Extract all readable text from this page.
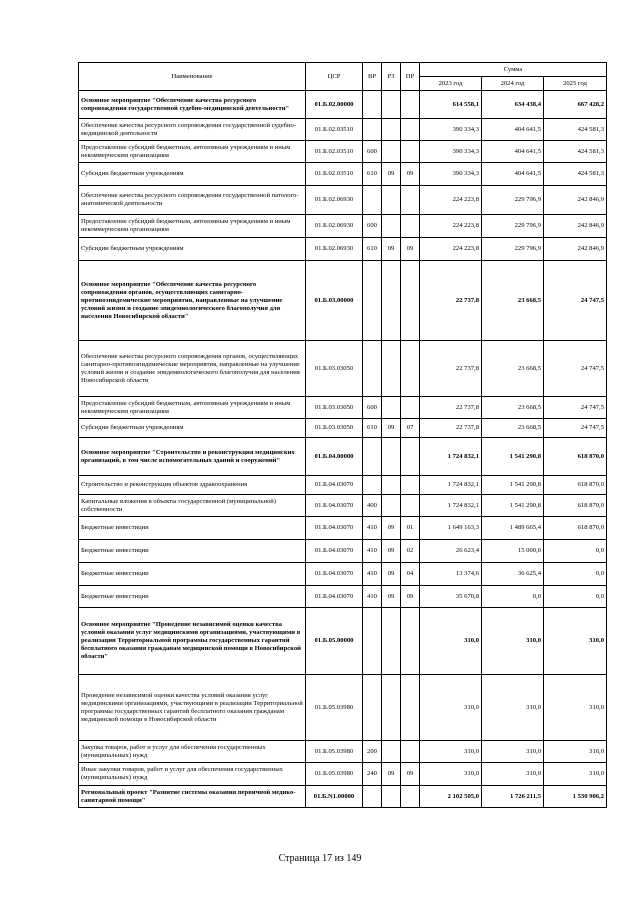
Наименование	ЦСР	ВР	РЗ	ПР	Сумма		
					2023 год	2024 год	2025 год
Основное мероприятие "Обеспечение качества ресурсного сопровождения государственной судебно-медицинской деятельности"	01.Б.02.00000				614 558,1	634 438,4	667 428,2
Обеспечение качества ресурсного сопровождения государственной судебно-медицинской деятельности	01.Б.02.03510				390 334,3	404 641,5	424 581,3
Предоставление субсидий бюджетным, автономным учреждениям и иным некоммерческим организациям	01.Б.02.03510	600			390 334,3	404 641,5	424 581,3
Субсидии бюджетным учреждениям	01.Б.02.03510	610	09	09	390 334,3	404 641,5	424 581,3
Обеспечение качества ресурсного сопровождения государственной патолого-анатомической деятельности	01.Б.02.06930				224 223,8	229 796,9	242 846,9
Предоставление субсидий бюджетным, автономным учреждениям и иным некоммерческим организациям	01.Б.02.06930	600			224 223,8	229 796,9	242 846,9
Субсидии бюджетным учреждениям	01.Б.02.06930	610	09	09	224 223,8	229 796,9	242 846,9
Основное мероприятие "Обеспечение качества ресурсного сопровождения органов, осуществляющих санитарно-противоэпидемические мероприятия, направленные на улучшение условий жизни и создание эпидемиологического благополучия для населения Новосибирской области"	01.Б.03.00000				22 737,8	23 668,5	24 747,5
Обеспечение качества ресурсного сопровождения органов, осуществляющих санитарно-противоэпидемические мероприятия, направленные на улучшение условий жизни и создание эпидемиологического благополучия для населения Новосибирской области	01.Б.03.03050				22 737,8	23 668,5	24 747,5
Предоставление субсидий бюджетным, автономным учреждениям и иным некоммерческим организациям	01.Б.03.03050	600			22 737,8	23 668,5	24 747,5
Субсидии бюджетным учреждениям	01.Б.03.03050	610	09	07	22 737,8	23 668,5	24 747,5
Основное мероприятие "Строительство и реконструкция медицинских организаций, в том числе вспомогательных зданий и сооружений"	01.Б.04.00000				1 724 832,1	1 541 290,8	618 870,0
Строительство и реконструкция объектов здравоохранения	01.Б.04.03070				1 724 832,1	1 541 290,8	618 870,0
Капитальные вложения в объекты государственной (муниципальной) собственности	01.Б.04.03070	400			1 724 832,1	1 541 290,8	618 870,0
Бюджетные инвестиции	01.Б.04.03070	410	09	01	1 649 163,3	1 489 665,4	618 870,0
Бюджетные инвестиции	01.Б.04.03070	410	09	02	26 623,4	15 000,0	0,0
Бюджетные инвестиции	01.Б.04.03070	410	09	04	13 374,6	36 625,4	0,0
Бюджетные инвестиции	01.Б.04.03070	410	09	09	35 670,8	0,0	0,0
Основное мероприятие "Проведение независимой оценки качества условий оказания услуг медицинскими организациями, участвующими в реализации Территориальной программы государственных гарантий бесплатного оказания гражданам медицинской помощи в Новосибирской области"	01.Б.05.00000				310,0	310,0	310,0
Проведение независимой оценки качества условий оказания услуг медицинскими организациями, участвующими в реализации Территориальной программы государственных гарантий бесплатного оказания гражданам медицинской помощи в Новосибирской области	01.Б.05.03980				310,0	310,0	310,0
Закупка товаров, работ и услуг для обеспечения государственных (муниципальных) нужд	01.Б.05.03980	200			310,0	310,0	310,0
Иные закупки товаров, работ и услуг для обеспечения государственных (муниципальных) нужд	01.Б.05.03980	240	09	09	310,0	310,0	310,0
Региональный проект "Развитие системы оказания первичной медико-санитарной помощи"	01.Б.N1.00000				2 102 505,0	1 726 211,5	1 530 906,2
Страница 17 из 149
